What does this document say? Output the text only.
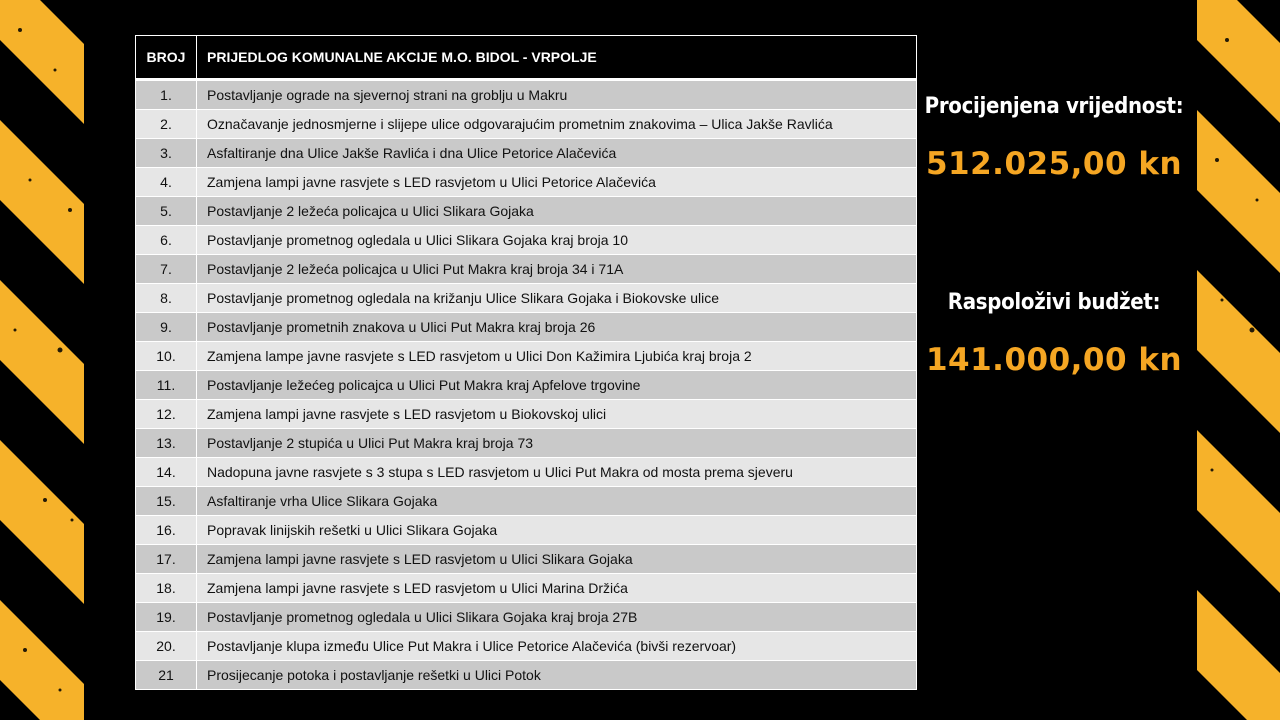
BROJ	PRIJEDLOG KOMUNALNE AKCIJE M.O. BIDOL - VRPOLJE
1.	Postavljanje ograde na sjevernoj strani na groblju u Makru
2.	Označavanje jednosmjerne i slijepe ulice odgovarajućim prometnim znakovima – Ulica Jakše Ravlića
3.	Asfaltiranje dna Ulice Jakše Ravlića i dna Ulice Petorice Alačevića
4.	Zamjena lampi javne rasvjete s LED rasvjetom u Ulici Petorice Alačevića
5.	Postavljanje 2 ležeća policajca u Ulici Slikara Gojaka
6.	Postavljanje prometnog ogledala u Ulici Slikara Gojaka kraj broja 10
7.	Postavljanje 2 ležeća policajca u Ulici Put Makra kraj broja 34 i 71A
8.	Postavljanje prometnog ogledala na križanju Ulice Slikara Gojaka i Biokovske ulice
9.	Postavljanje prometnih znakova u Ulici Put Makra kraj broja 26
10.	Zamjena lampe javne rasvjete s LED rasvjetom u Ulici Don Kažimira Ljubića kraj broja 2
11.	Postavljanje ležećeg policajca u Ulici Put Makra kraj Apfelove trgovine
12.	Zamjena lampi javne rasvjete s LED rasvjetom u Biokovskoj ulici
13.	Postavljanje 2 stupića u Ulici Put Makra kraj broja 73
14.	Nadopuna javne rasvjete s 3 stupa s LED rasvjetom u Ulici Put Makra od mosta prema sjeveru
15.	Asfaltiranje vrha Ulice Slikara Gojaka
16.	Popravak linijskih rešetki u Ulici Slikara Gojaka
17.	Zamjena lampi javne rasvjete s LED rasvjetom u Ulici Slikara Gojaka
18.	Zamjena lampi javne rasvjete s LED rasvjetom u Ulici Marina Držića
19.	Postavljanje prometnog ogledala u Ulici Slikara Gojaka kraj broja 27B
20.	Postavljanje klupa između Ulice Put Makra i Ulice Petorice Alačevića (bivši rezervoar)
21	Prosijecanje potoka i postavljanje rešetki u Ulici Potok
Procijenjena vrijednost:
512.025,00 kn
Raspoloživi budžet:
141.000,00 kn
